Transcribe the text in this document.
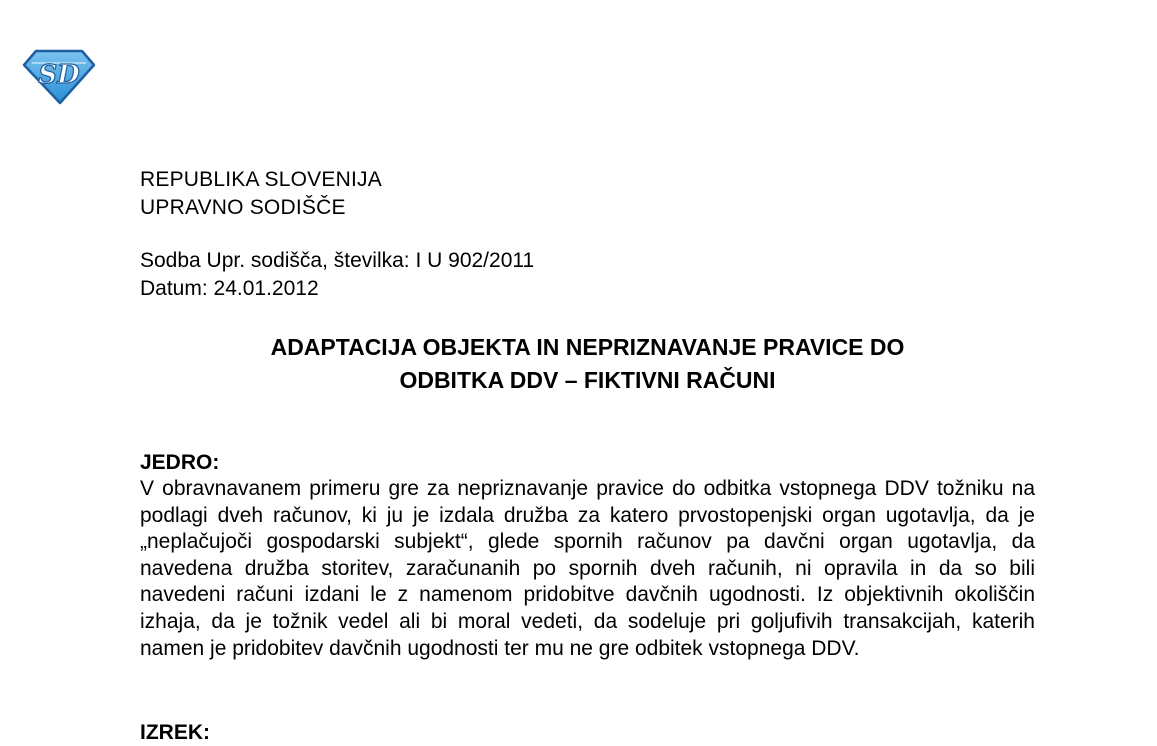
SD
REPUBLIKA SLOVENIJA
UPRAVNO SODIŠČE
Sodba Upr. sodišča, številka: I U 902/2011
Datum: 24.01.2012
ADAPTACIJA OBJEKTA IN NEPRIZNAVANJE PRAVICE DO
ODBITKA DDV – FIKTIVNI RAČUNI
JEDRO:

V obravnavanem primeru gre za nepriznavanje pravice do odbitka vstopnega DDV tožniku na podlagi dveh računov, ki ju je izdala družba za katero prvostopenjski organ ugotavlja, da je „neplačujoči gospodarski subjekt“, glede spornih računov pa davčni organ ugotavlja, da navedena družba storitev, zaračunanih po spornih dveh računih, ni opravila in da so bili navedeni računi izdani le z namenom pridobitve davčnih ugodnosti. Iz objektivnih okoliščin izhaja, da je tožnik vedel ali bi moral vedeti, da sodeluje pri goljufivih transakcijah, katerih namen je pridobitev davčnih ugodnosti ter mu ne gre odbitek vstopnega DDV.

IZREK:
